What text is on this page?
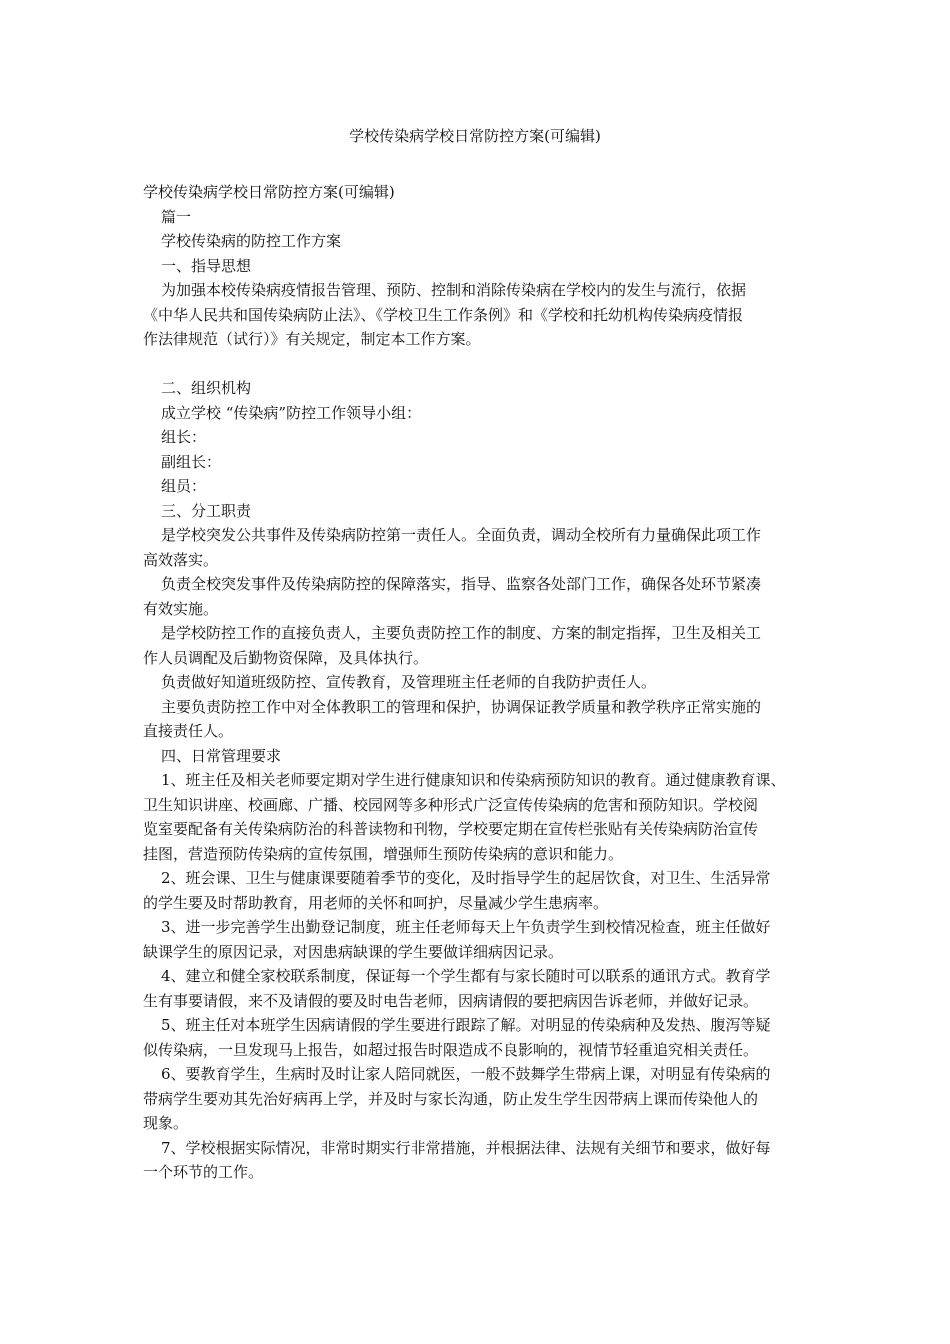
学校传染病学校日常防控方案(可编辑)
学校传染病学校日常防控方案(可编辑)
篇一
学校传染病的防控工作方案
一、指导思想
为加强本校传染病疫情报告管理、预防、控制和消除传染病在学校内的发生与流行，依据
《中华人民共和国传染病防止法》、《学校卫生工作条例》和《学校和托幼机构传染病疫情报
作法律规范（试行）》有关规定，制定本工作方案。
二、组织机构
成立学校 “传染病”防控工作领导小组：
组长：
副组长：
组员：
三、分工职责
是学校突发公共事件及传染病防控第一责任人。全面负责，调动全校所有力量确保此项工作
高效落实。
负责全校突发事件及传染病防控的保障落实，指导、监察各处部门工作，确保各处环节紧凑
有效实施。
是学校防控工作的直接负责人，主要负责防控工作的制度、方案的制定指挥，卫生及相关工
作人员调配及后勤物资保障，及具体执行。
负责做好知道班级防控、宣传教育，及管理班主任老师的自我防护责任人。
主要负责防控工作中对全体教职工的管理和保护，协调保证教学质量和教学秩序正常实施的
直接责任人。
四、日常管理要求
1、班主任及相关老师要定期对学生进行健康知识和传染病预防知识的教育。通过健康教育课、
卫生知识讲座、校画廊、广播、校园网等多种形式广泛宣传传染病的危害和预防知识。学校阅
览室要配备有关传染病防治的科普读物和刊物，学校要定期在宣传栏张贴有关传染病防治宣传
挂图，营造预防传染病的宣传氛围，增强师生预防传染病的意识和能力。
2、班会课、卫生与健康课要随着季节的变化，及时指导学生的起居饮食，对卫生、生活异常
的学生要及时帮助教育，用老师的关怀和呵护，尽量减少学生患病率。
3、进一步完善学生出勤登记制度，班主任老师每天上午负责学生到校情况检查，班主任做好
缺课学生的原因记录，对因患病缺课的学生要做详细病因记录。
4、建立和健全家校联系制度，保证每一个学生都有与家长随时可以联系的通讯方式。教育学
生有事要请假，来不及请假的要及时电告老师，因病请假的要把病因告诉老师，并做好记录。
5、班主任对本班学生因病请假的学生要进行跟踪了解。对明显的传染病种及发热、腹泻等疑
似传染病，一旦发现马上报告，如超过报告时限造成不良影响的，视情节轻重追究相关责任。
6、要教育学生，生病时及时让家人陪同就医，一般不鼓舞学生带病上课，对明显有传染病的
带病学生要劝其先治好病再上学，并及时与家长沟通，防止发生学生因带病上课而传染他人的
现象。
7、学校根据实际情况，非常时期实行非常措施，并根据法律、法规有关细节和要求，做好每
一个环节的工作。
